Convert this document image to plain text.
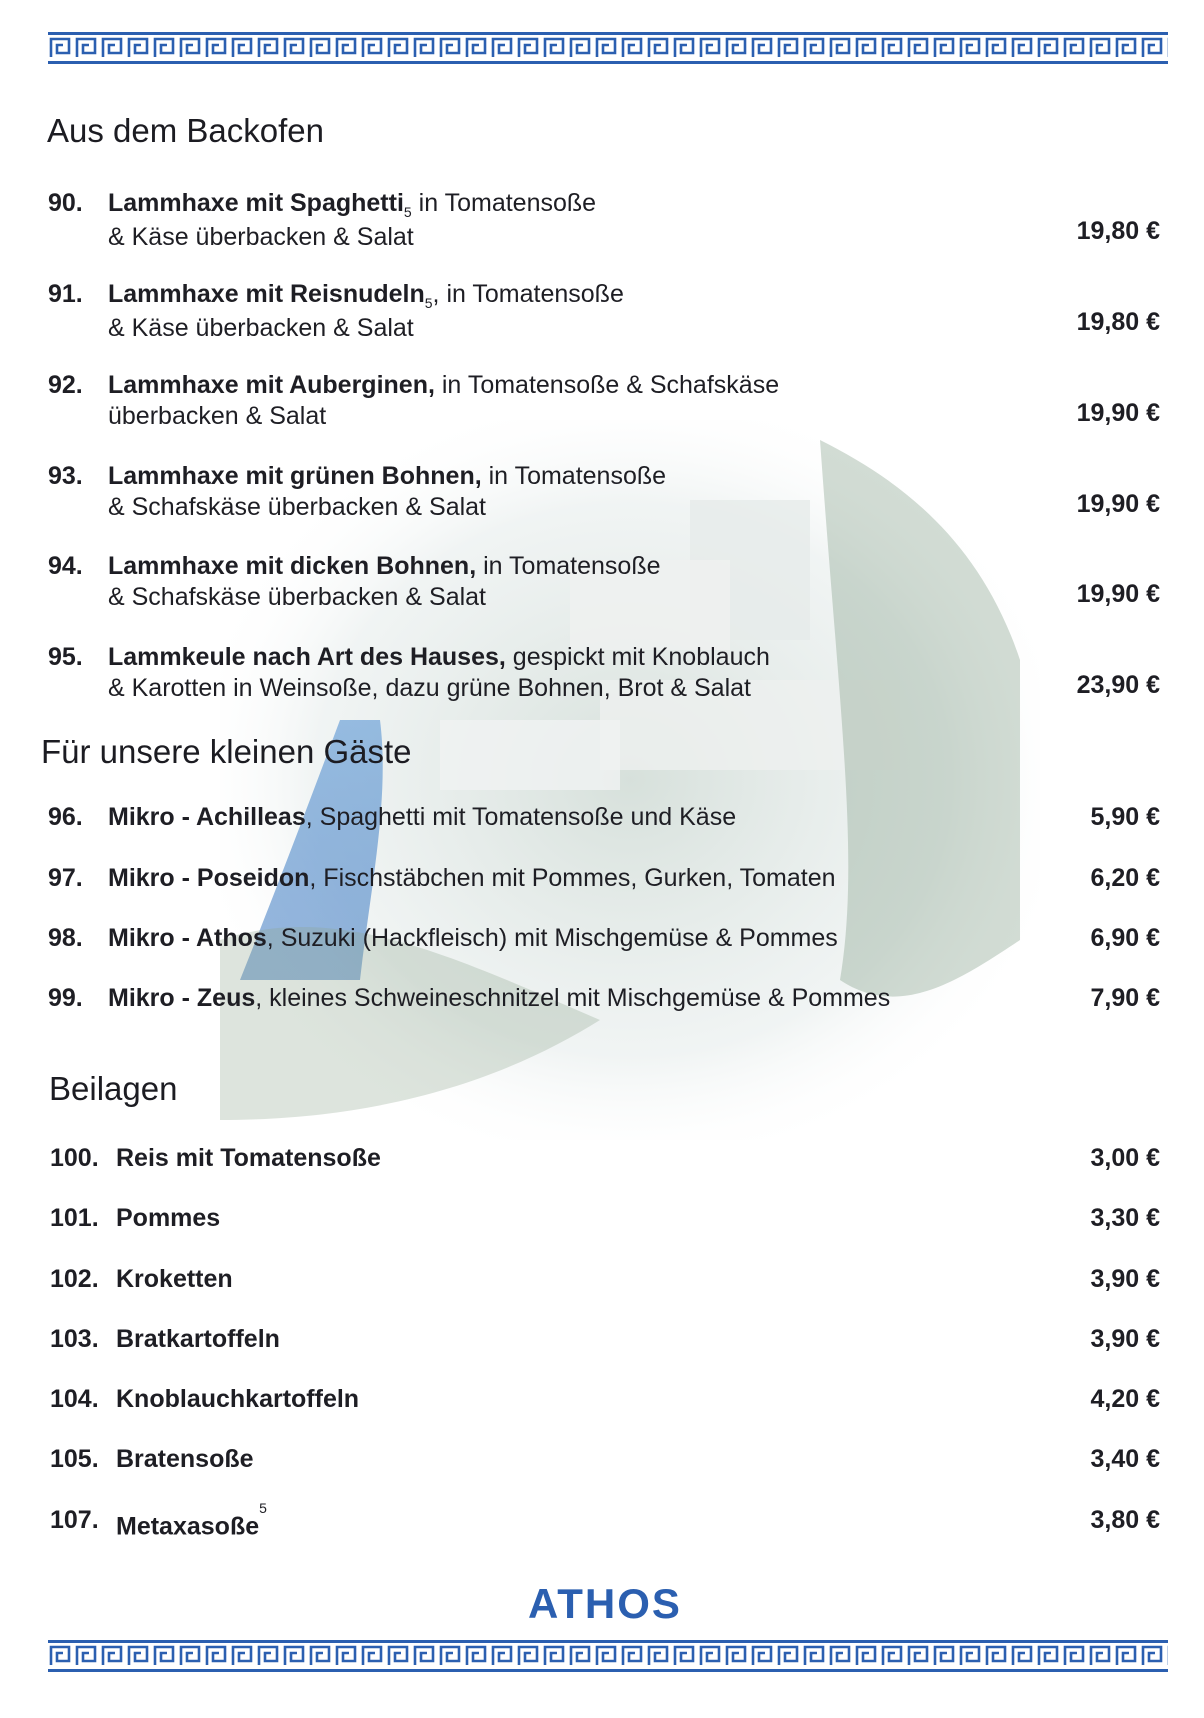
Aus dem Backofen
90. Lammhaxe mit Spaghetti$_5$ in Tomatensoße
& Käse überbacken & Salat	19,80 €
91. Lammhaxe mit Reisnudeln$_5$, in Tomatensoße
& Käse überbacken & Salat	19,80 €
92. Lammhaxe mit Auberginen, in Tomatensoße & Schafskäse
überbacken & Salat	19,90 €
93. Lammhaxe mit grünen Bohnen, in Tomatensoße
& Schafskäse überbacken & Salat	19,90 €
94. Lammhaxe mit dicken Bohnen, in Tomatensoße
& Schafskäse überbacken & Salat	19,90 €
95. Lammkeule nach Art des Hauses, gespickt mit Knoblauch
& Karotten in Weinsoße, dazu grüne Bohnen, Brot & Salat	23,90 €
Für unsere kleinen Gäste
96. Mikro - Achilleas, Spaghetti mit Tomatensoße und Käse	5,90 €
97. Mikro - Poseidon, Fischstäbchen mit Pommes, Gurken, Tomaten	6,20 €
98. Mikro - Athos, Suzuki (Hackfleisch) mit Mischgemüse & Pommes	6,90 €
99. Mikro - Zeus, kleines Schweineschnitzel mit Mischgemüse & Pommes	7,90 €
Beilagen
100. Reis mit Tomatensoße	3,00 €
101. Pommes	3,30 €
102. Kroketten	3,90 €
103. Bratkartoffeln	3,90 €
104. Knoblauchkartoffeln	4,20 €
105. Bratensoße	3,40 €
107. Metaxasoße$^5$	3,80 €
ATHOS
